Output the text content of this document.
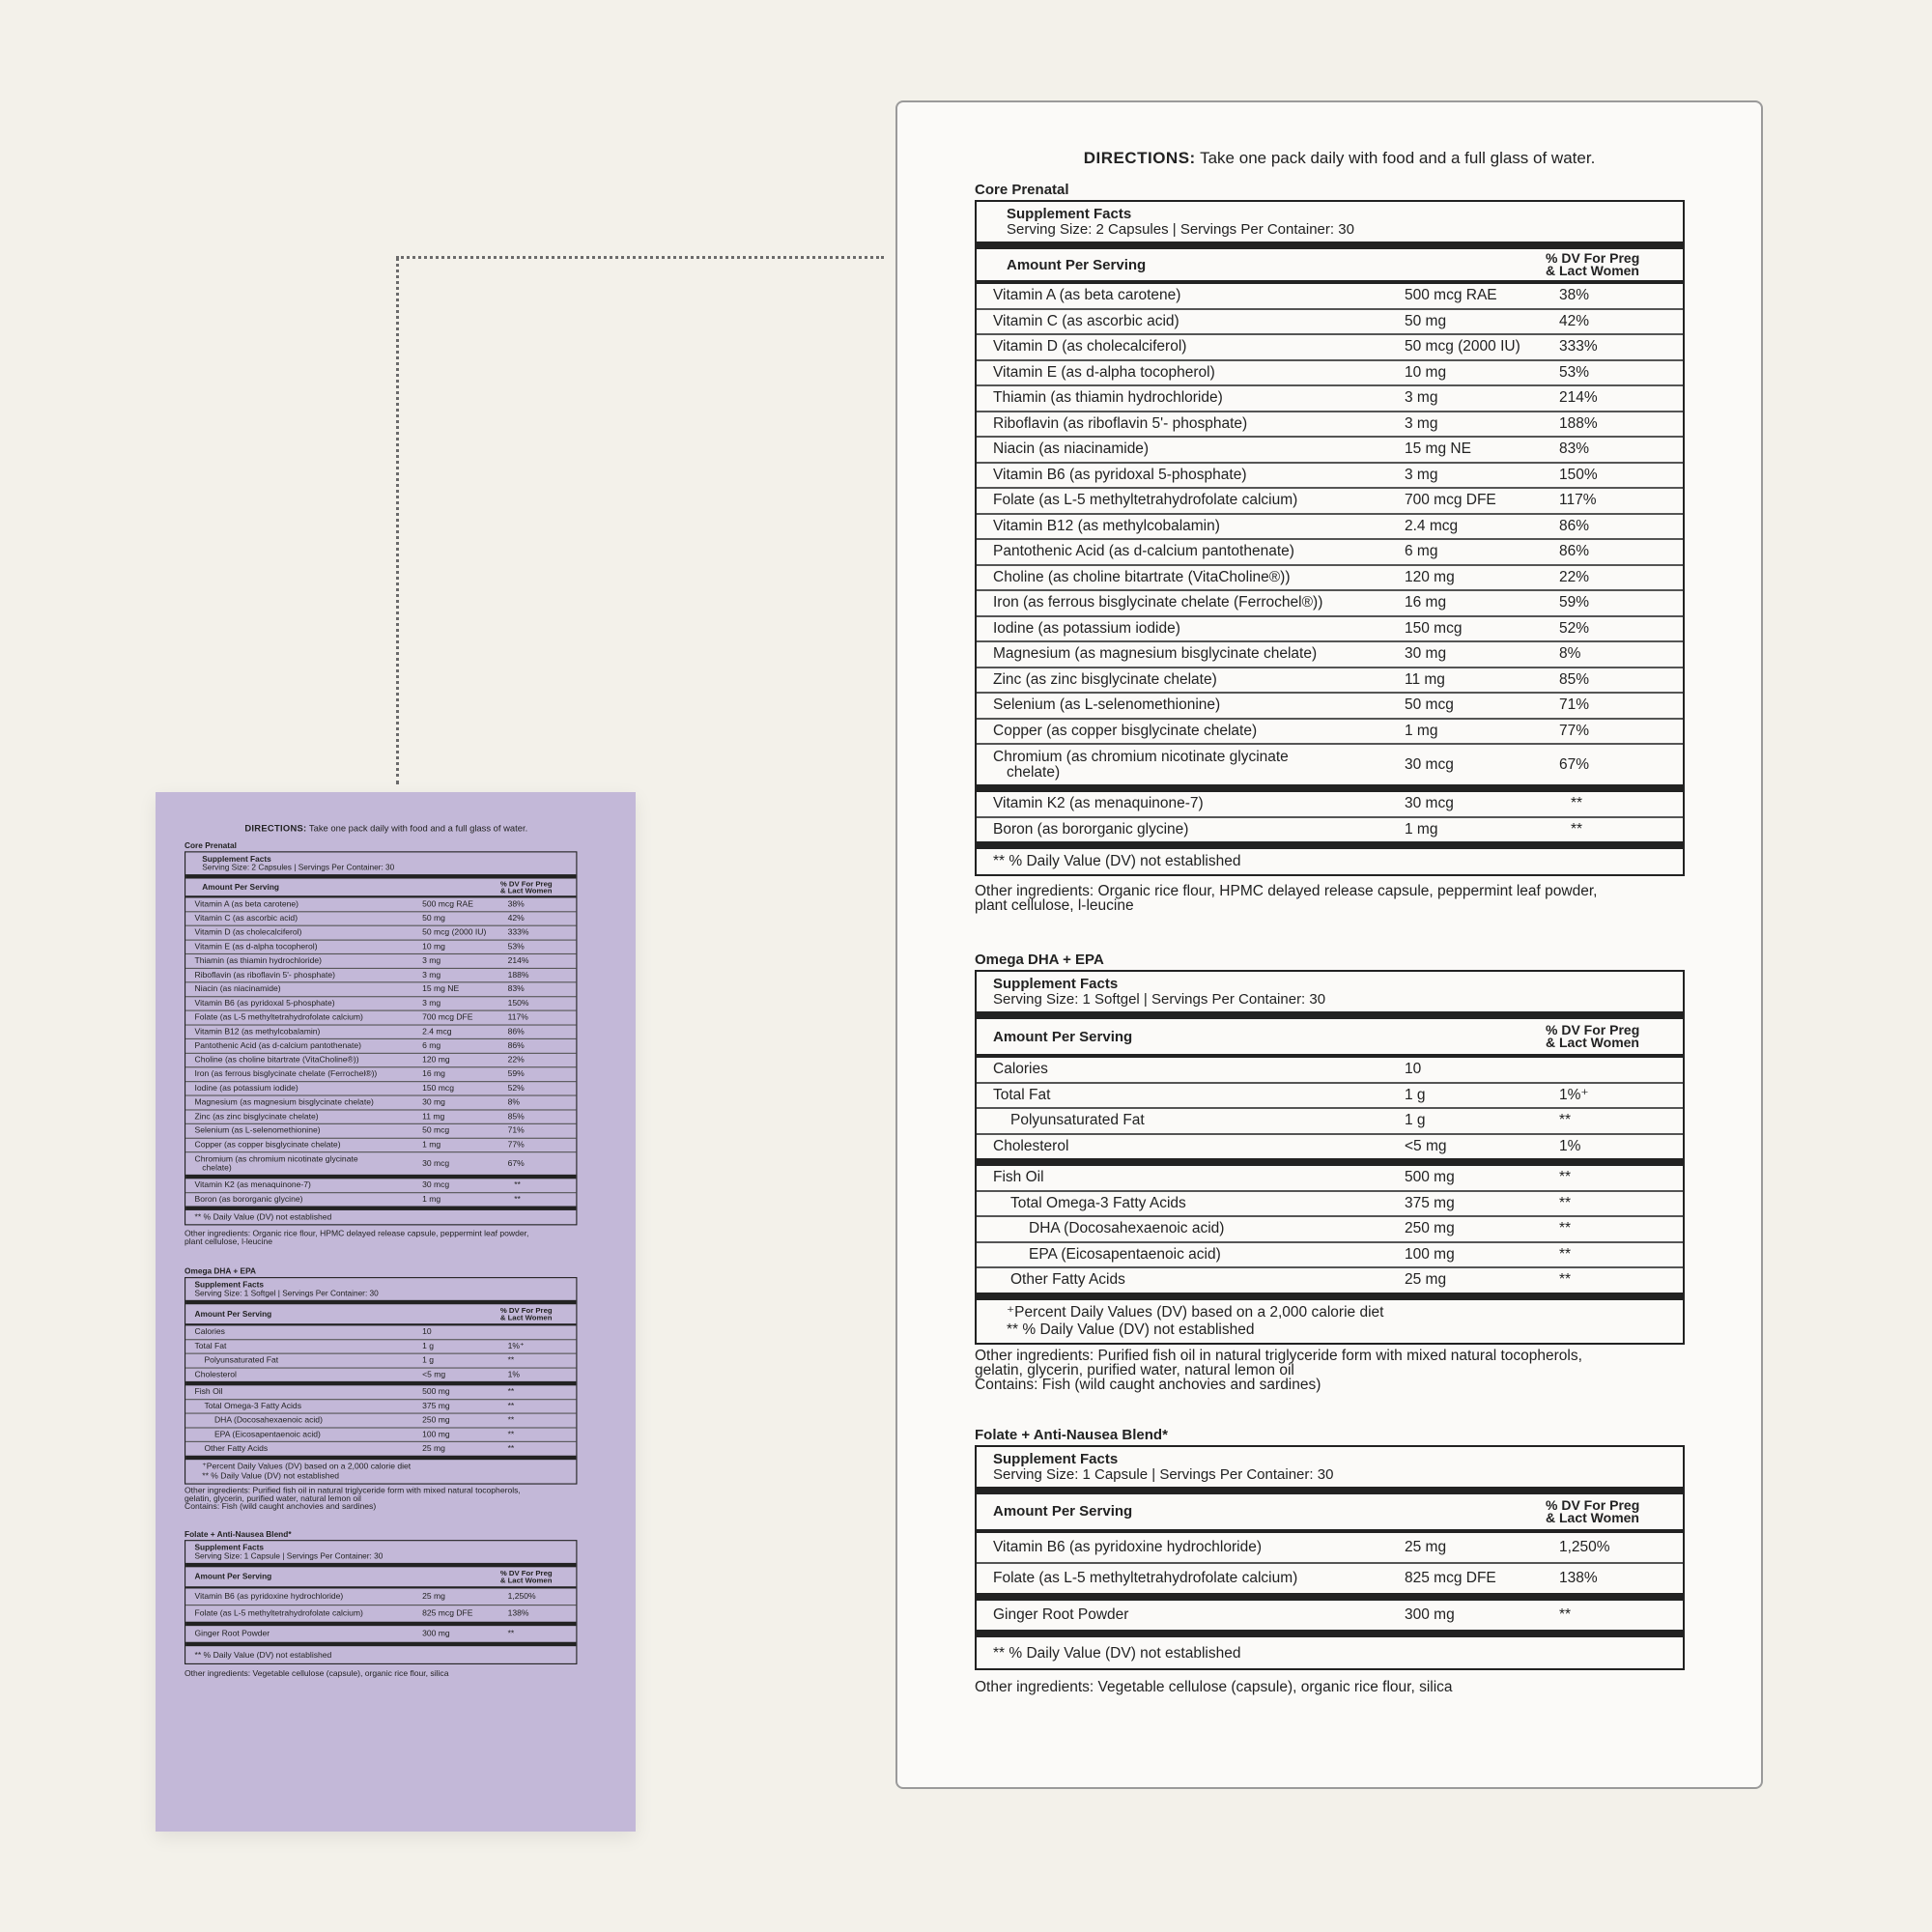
DIRECTIONS: Take one pack daily with food and a full glass of water.

Core Prenatal
Supplement Facts
Serving Size: 2 Capsules | Servings Per Container: 30
Amount Per Serving	% DV For Preg
& Lact Women
Vitamin A (as beta carotene)	500 mcg RAE	38%
Vitamin C (as ascorbic acid)	50 mg	42%
Vitamin D (as cholecalciferol)	50 mcg (2000 IU)	333%
Vitamin E (as d-alpha tocopherol)	10 mg	53%
Thiamin (as thiamin hydrochloride)	3 mg	214%
Riboflavin (as riboflavin 5'- phosphate)	3 mg	188%
Niacin (as niacinamide)	15 mg NE	83%
Vitamin B6 (as pyridoxal 5-phosphate)	3 mg	150%
Folate (as L-5 methyltetrahydrofolate calcium)	700 mcg DFE	117%
Vitamin B12 (as methylcobalamin)	2.4 mcg	86%
Pantothenic Acid (as d-calcium pantothenate)	6 mg	86%
Choline (as choline bitartrate (VitaCholine®))	120 mg	22%
Iron (as ferrous bisglycinate chelate (Ferrochel®))	16 mg	59%
Iodine (as potassium iodide)	150 mcg	52%
Magnesium (as magnesium bisglycinate chelate)	30 mg	8%
Zinc (as zinc bisglycinate chelate)	11 mg	85%
Selenium (as L-selenomethionine)	50 mcg	71%
Copper (as copper bisglycinate chelate)	1 mg	77%
Chromium (as chromium nicotinate glycinate
chelate)	30 mcg	67%
Vitamin K2 (as menaquinone-7)	30 mcg	**
Boron (as bororganic glycine)	1 mg	**
** % Daily Value (DV) not established

Other ingredients: Organic rice flour, HPMC delayed release capsule, peppermint leaf powder,
plant cellulose, l-leucine

Omega DHA + EPA
Supplement Facts
Serving Size: 1 Softgel | Servings Per Container: 30
Amount Per Serving	% DV For Preg
& Lact Women
Calories	10
Total Fat	1 g	1%⁺
Polyunsaturated Fat	1 g	**
Cholesterol	<5 mg	1%
Fish Oil	500 mg	**
Total Omega-3 Fatty Acids	375 mg	**
DHA (Docosahexaenoic acid)	250 mg	**
EPA (Eicosapentaenoic acid)	100 mg	**
Other Fatty Acids	25 mg	**
⁺Percent Daily Values (DV) based on a 2,000 calorie diet
** % Daily Value (DV) not established

Other ingredients: Purified fish oil in natural triglyceride form with mixed natural tocopherols,
gelatin, glycerin, purified water, natural lemon oil
Contains: Fish (wild caught anchovies and sardines)

Folate + Anti-Nausea Blend*
Supplement Facts
Serving Size: 1 Capsule | Servings Per Container: 30
Amount Per Serving	% DV For Preg
& Lact Women
Vitamin B6 (as pyridoxine hydrochloride)	25 mg	1,250%
Folate (as L-5 methyltetrahydrofolate calcium)	825 mcg DFE	138%
Ginger Root Powder	300 mg	**
** % Daily Value (DV) not established

Other ingredients: Vegetable cellulose (capsule), organic rice flour, silica

DIRECTIONS: Take one pack daily with food and a full glass of water.

Core Prenatal
Supplement Facts
Serving Size: 2 Capsules | Servings Per Container: 30
Amount Per Serving	% DV For Preg
& Lact Women
Vitamin A (as beta carotene)	500 mcg RAE	38%
Vitamin C (as ascorbic acid)	50 mg	42%
Vitamin D (as cholecalciferol)	50 mcg (2000 IU)	333%
Vitamin E (as d-alpha tocopherol)	10 mg	53%
Thiamin (as thiamin hydrochloride)	3 mg	214%
Riboflavin (as riboflavin 5'- phosphate)	3 mg	188%
Niacin (as niacinamide)	15 mg NE	83%
Vitamin B6 (as pyridoxal 5-phosphate)	3 mg	150%
Folate (as L-5 methyltetrahydrofolate calcium)	700 mcg DFE	117%
Vitamin B12 (as methylcobalamin)	2.4 mcg	86%
Pantothenic Acid (as d-calcium pantothenate)	6 mg	86%
Choline (as choline bitartrate (VitaCholine®))	120 mg	22%
Iron (as ferrous bisglycinate chelate (Ferrochel®))	16 mg	59%
Iodine (as potassium iodide)	150 mcg	52%
Magnesium (as magnesium bisglycinate chelate)	30 mg	8%
Zinc (as zinc bisglycinate chelate)	11 mg	85%
Selenium (as L-selenomethionine)	50 mcg	71%
Copper (as copper bisglycinate chelate)	1 mg	77%
Chromium (as chromium nicotinate glycinate
chelate)	30 mcg	67%
Vitamin K2 (as menaquinone-7)	30 mcg	**
Boron (as bororganic glycine)	1 mg	**
** % Daily Value (DV) not established

Other ingredients: Organic rice flour, HPMC delayed release capsule, peppermint leaf powder,
plant cellulose, l-leucine

Omega DHA + EPA
Supplement Facts
Serving Size: 1 Softgel | Servings Per Container: 30
Amount Per Serving	% DV For Preg
& Lact Women
Calories	10
Total Fat	1 g	1%⁺
Polyunsaturated Fat	1 g	**
Cholesterol	<5 mg	1%
Fish Oil	500 mg	**
Total Omega-3 Fatty Acids	375 mg	**
DHA (Docosahexaenoic acid)	250 mg	**
EPA (Eicosapentaenoic acid)	100 mg	**
Other Fatty Acids	25 mg	**
⁺Percent Daily Values (DV) based on a 2,000 calorie diet
** % Daily Value (DV) not established

Other ingredients: Purified fish oil in natural triglyceride form with mixed natural tocopherols,
gelatin, glycerin, purified water, natural lemon oil
Contains: Fish (wild caught anchovies and sardines)

Folate + Anti-Nausea Blend*
Supplement Facts
Serving Size: 1 Capsule | Servings Per Container: 30
Amount Per Serving	% DV For Preg
& Lact Women
Vitamin B6 (as pyridoxine hydrochloride)	25 mg	1,250%
Folate (as L-5 methyltetrahydrofolate calcium)	825 mcg DFE	138%
Ginger Root Powder	300 mg	**
** % Daily Value (DV) not established

Other ingredients: Vegetable cellulose (capsule), organic rice flour, silica
